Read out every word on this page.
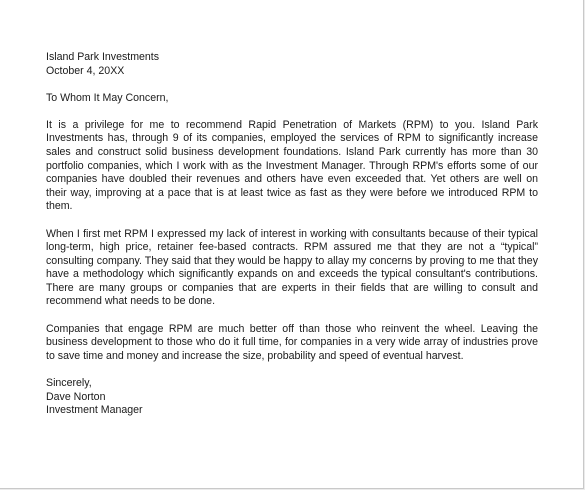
Island Park Investments
October 4, 20XX
To Whom It May Concern,

It is a privilege for me to recommend Rapid Penetration of Markets (RPM) to you. Island Park Investments has, through 9 of its companies, employed the services of RPM to significantly increase sales and construct solid business development foundations. Island Park currently has more than 30 portfolio companies, which I work with as the Investment Manager. Through RPM's efforts some of our companies have doubled their revenues and others have even exceeded that. Yet others are well on their way, improving at a pace that is at least twice as fast as they were before we introduced RPM to them.

When I first met RPM I expressed my lack of interest in working with consultants because of their typical long-term, high price, retainer fee-based contracts. RPM assured me that they are not a “typical” consulting company. They said that they would be happy to allay my concerns by proving to me that they have a methodology which significantly expands on and exceeds the typical consultant's contributions. There are many groups or companies that are experts in their fields that are willing to consult and recommend what needs to be done.

Companies that engage RPM are much better off than those who reinvent the wheel. Leaving the business development to those who do it full time, for companies in a very wide array of industries prove to save time and money and increase the size, probability and speed of eventual harvest.

Sincerely,
Dave Norton
Investment Manager
